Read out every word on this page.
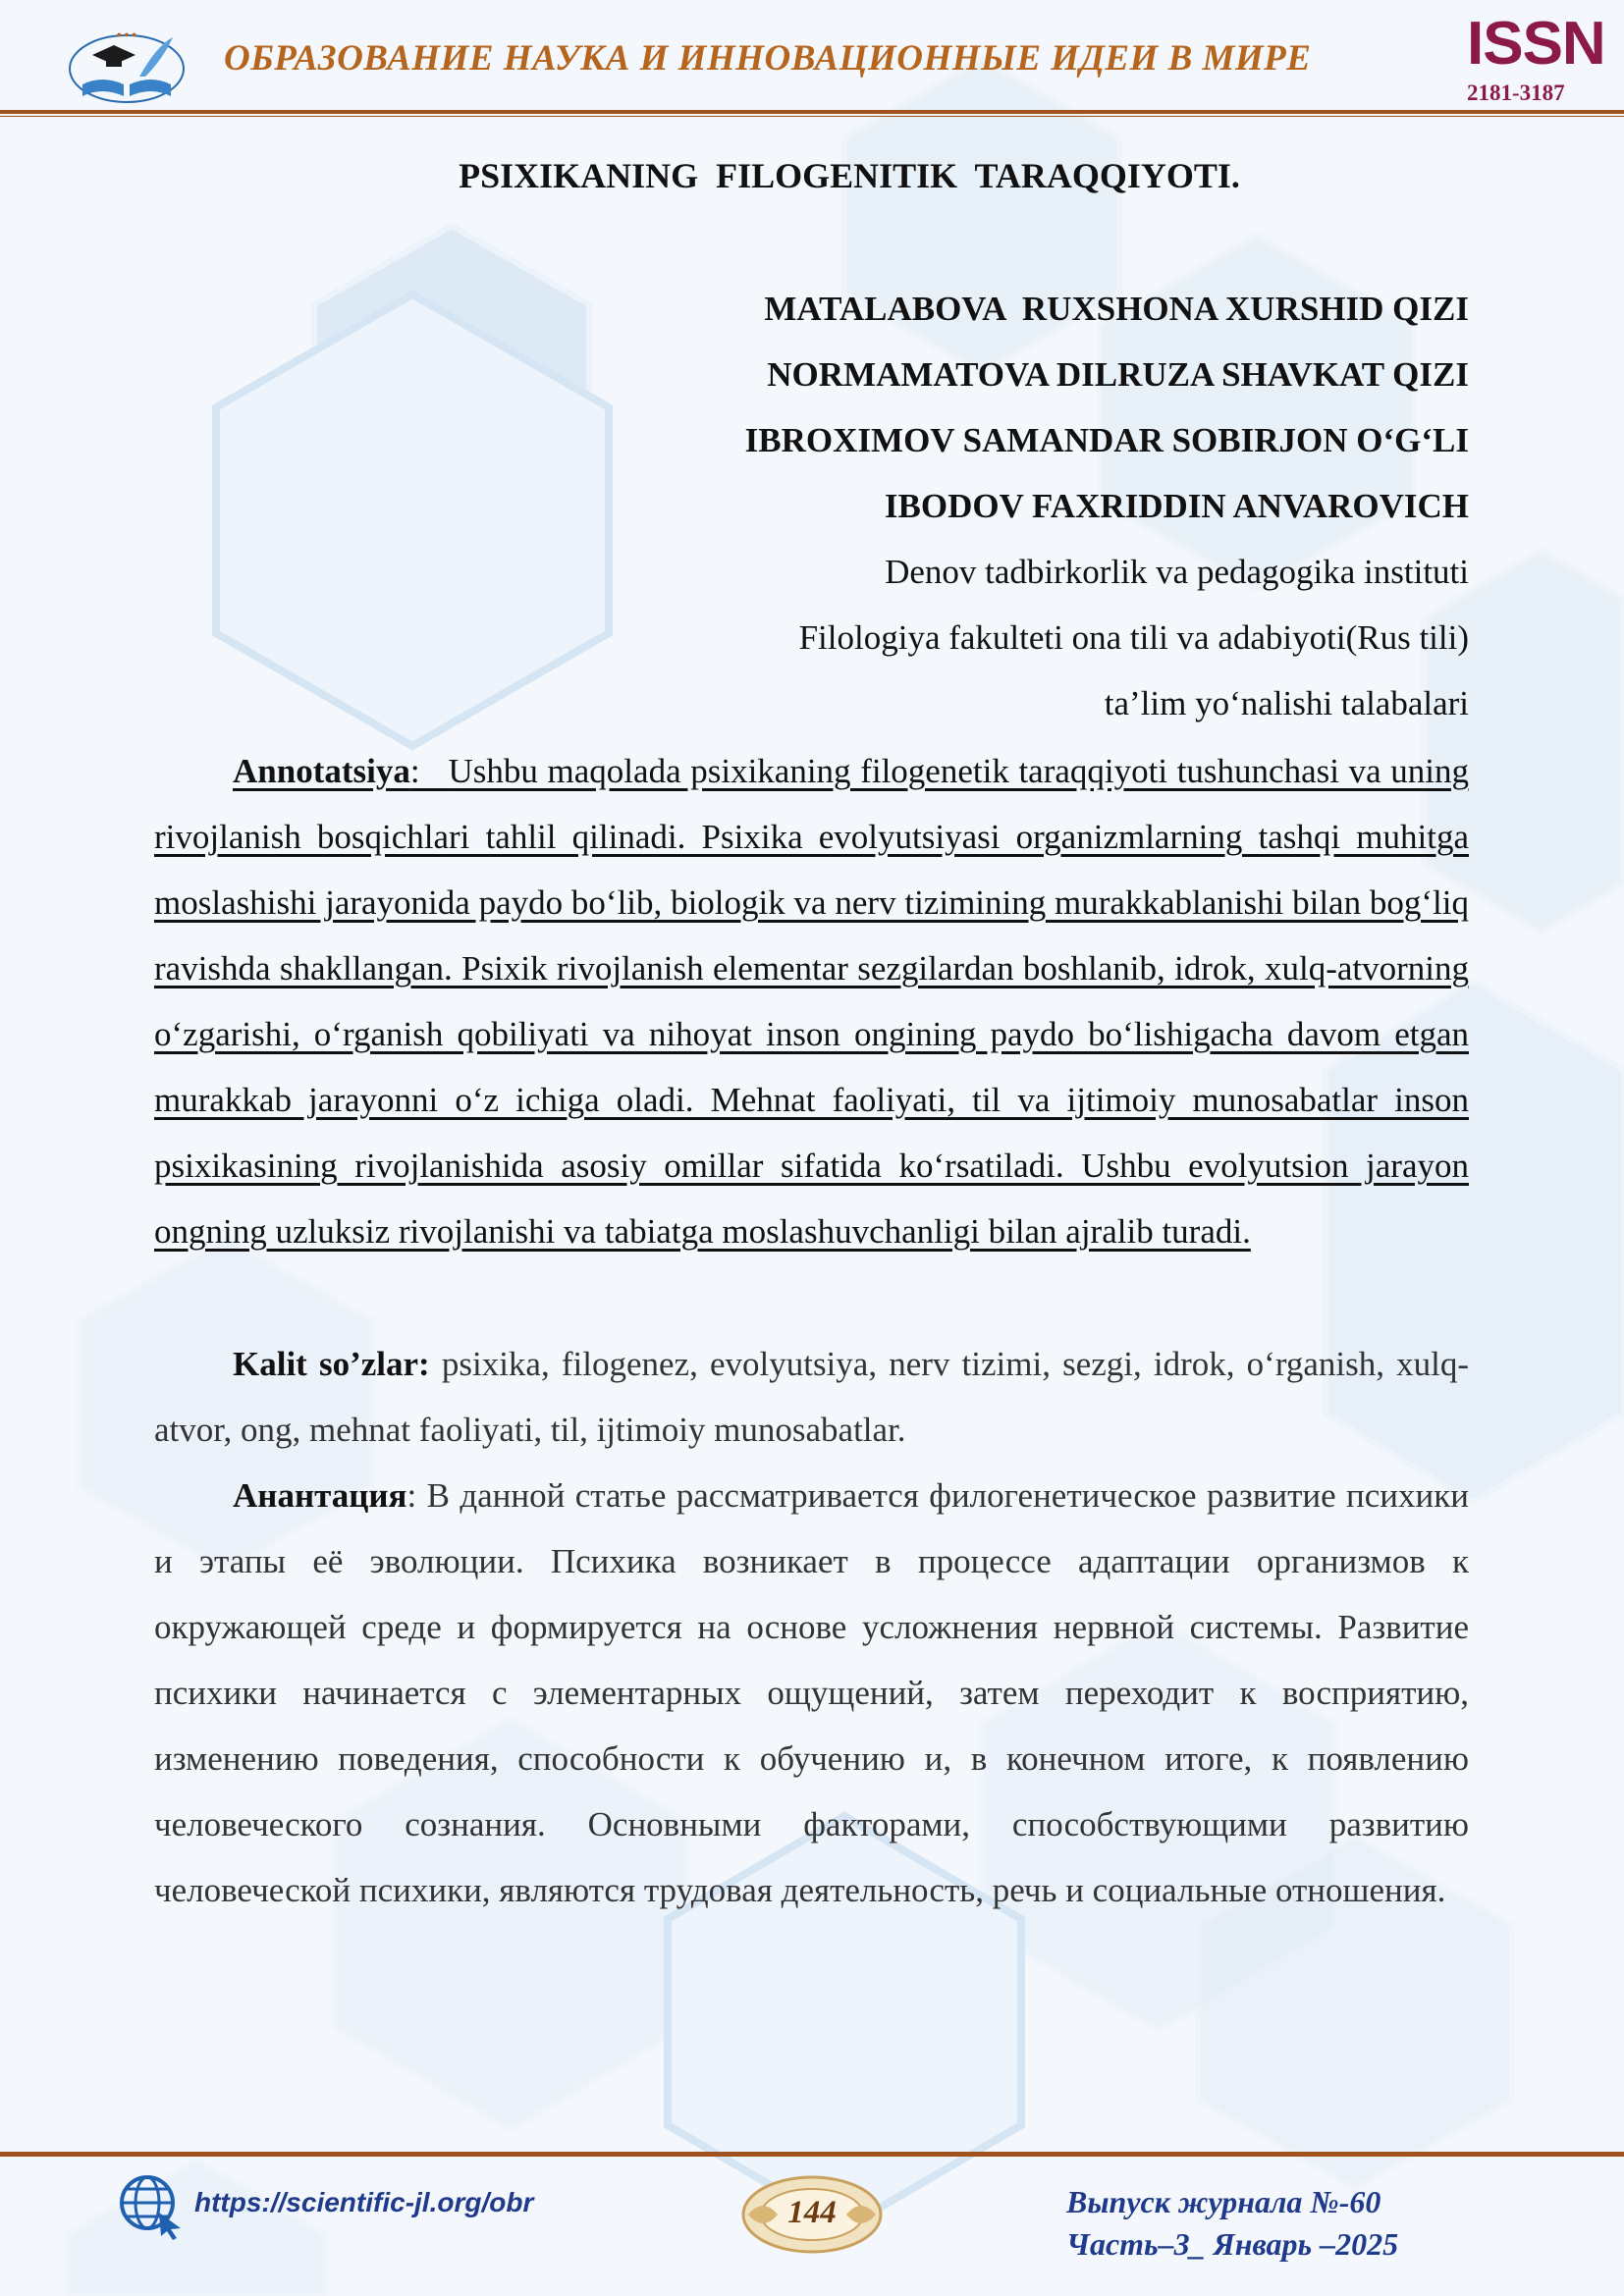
● ● ●
ОБРАЗОВАНИЕ НАУКА И ИННОВАЦИОННЫЕ ИДЕИ В МИРЕ	ISSN
2181-3187
PSIXIKANING  FILOGENITIK  TARAQQIYOTI.
MATALABOVA  RUXSHONA XURSHID QIZI
NORMAMATOVA DILRUZA SHAVKAT QIZI
IBROXIMOV SAMANDAR SOBIRJON O‘G‘LI
IBODOV FAXRIDDIN ANVAROVICH
Denov tadbirkorlik va pedagogika instituti
Filologiya fakulteti ona tili va adabiyoti(Rus tili)
ta’lim yo‘nalishi talabalari

Annotatsiya:   Ushbu maqolada psixikaning filogenetik taraqqiyoti tushunchasi va uning rivojlanish bosqichlari tahlil qilinadi. Psixika evolyutsiyasi organizmlarning tashqi muhitga moslashishi jarayonida paydo bo‘lib, biologik va nerv tizimining murakkablanishi bilan bog‘liq ravishda shakllangan. Psixik rivojlanish elementar sezgilardan boshlanib, idrok, xulq-atvorning o‘zgarishi, o‘rganish qobiliyati va nihoyat inson ongining paydo bo‘lishigacha davom etgan murakkab jarayonni o‘z ichiga oladi. Mehnat faoliyati, til va ijtimoiy munosabatlar inson psixikasining rivojlanishida asosiy omillar sifatida ko‘rsatiladi. Ushbu evolyutsion jarayon ongning uzluksiz rivojlanishi va tabiatga moslashuvchanligi bilan ajralib turadi.

Kalit so’zlar: psixika, filogenez, evolyutsiya, nerv tizimi, sezgi, idrok, o‘rganish, xulq-atvor, ong, mehnat faoliyati, til, ijtimoiy munosabatlar.

Анантация: В данной статье рассматривается филогенетическое развитие психики и этапы её эволюции. Психика возникает в процессе адаптации организмов к окружающей среде и формируется на основе усложнения нервной системы. Развитие психики начинается с элементарных ощущений, затем переходит к восприятию, изменению поведения, способности к обучению и, в конечном итоге, к появлению человеческого сознания. Основными факторами, способствующими развитию человеческой психики, являются трудовая деятельность, речь и социальные отношения.

https://scientific-jl.org/obr	144	Выпуск журнала №-60
Часть–3_ Январь –2025
